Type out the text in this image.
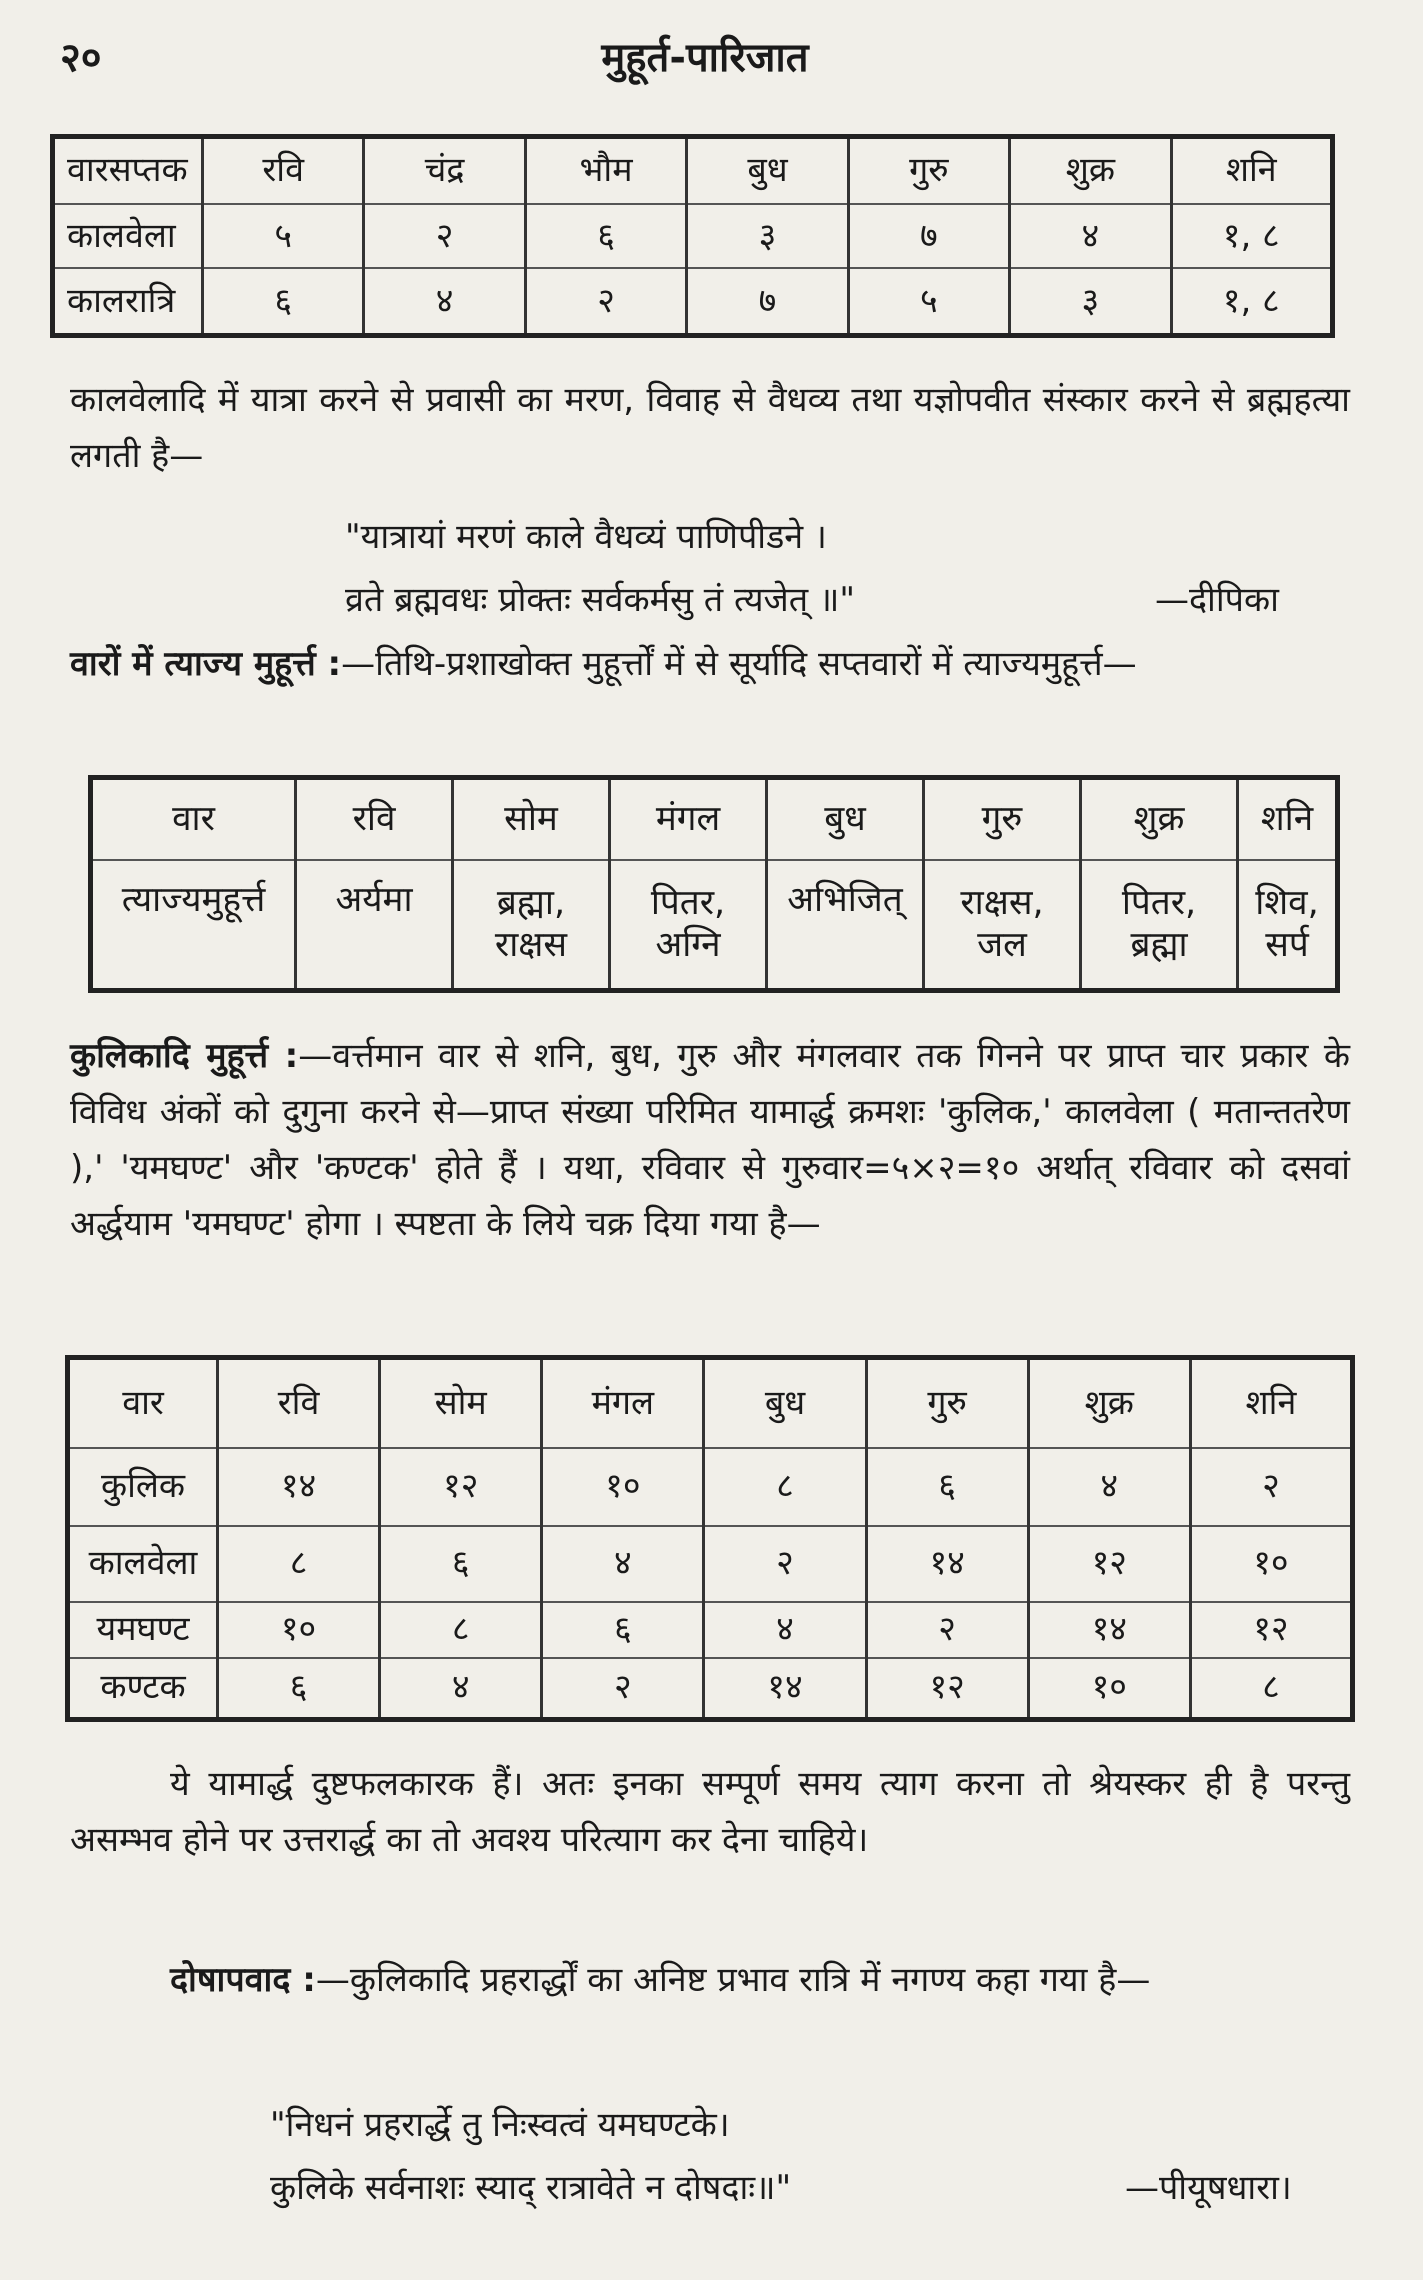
२०	मुहूर्त-पारिजात
वारसप्तक	रवि	चंद्र	भौम	बुध	गुरु	शुक्र	शनि
कालवेला	५	२	६	३	७	४	१, ८
कालरात्रि	६	४	२	७	५	३	१, ८
कालवेलादि में यात्रा करने से प्रवासी का मरण, विवाह से वैधव्य तथा यज्ञोपवीत संस्कार करने से ब्रह्महत्या लगती है—
"यात्रायां मरणं काले वैधव्यं पाणिपीडने ।
व्रते ब्रह्मवधः प्रोक्तः सर्वकर्मसु तं त्यजेत् ॥"	—दीपिका
वारों में त्याज्य मुहूर्त्त :—तिथि-प्रशाखोक्त मुहूर्त्तों में से सूर्यादि सप्तवारों में त्याज्यमुहूर्त्त—
वार	रवि	सोम	मंगल	बुध	गुरु	शुक्र	शनि
त्याज्यमुहूर्त्त	अर्यमा	ब्रह्मा, राक्षस	पितर, अग्नि	अभिजित्	राक्षस, जल	पितर, ब्रह्मा	शिव, सर्प
कुलिकादि मुहूर्त्त :—वर्त्तमान वार से शनि, बुध, गुरु और मंगलवार तक गिनने पर प्राप्त चार प्रकार के विविध अंकों को दुगुना करने से—प्राप्त संख्या परिमित यामार्द्ध क्रमशः 'कुलिक,' कालवेला ( मतान्ततरेण ),' 'यमघण्ट' और 'कण्टक' होते हैं । यथा, रविवार से गुरुवार=५×२=१० अर्थात् रविवार को दसवां अर्द्धयाम 'यमघण्ट' होगा । स्पष्टता के लिये चक्र दिया गया है—
वार	रवि	सोम	मंगल	बुध	गुरु	शुक्र	शनि
कुलिक	१४	१२	१०	८	६	४	२
कालवेला	८	६	४	२	१४	१२	१०
यमघण्ट	१०	८	६	४	२	१४	१२
कण्टक	६	४	२	१४	१२	१०	८
ये यामार्द्ध दुष्टफलकारक हैं। अतः इनका सम्पूर्ण समय त्याग करना तो श्रेयस्कर ही है परन्तु असम्भव होने पर उत्तरार्द्ध का तो अवश्य परित्याग कर देना चाहिये।
दोषापवाद :—कुलिकादि प्रहरार्द्धों का अनिष्ट प्रभाव रात्रि में नगण्य कहा गया है—
"निधनं प्रहरार्द्धे तु निःस्वत्वं यमघण्टके।
कुलिके सर्वनाशः स्याद् रात्रावेते न दोषदाः॥"	—पीयूषधारा।
